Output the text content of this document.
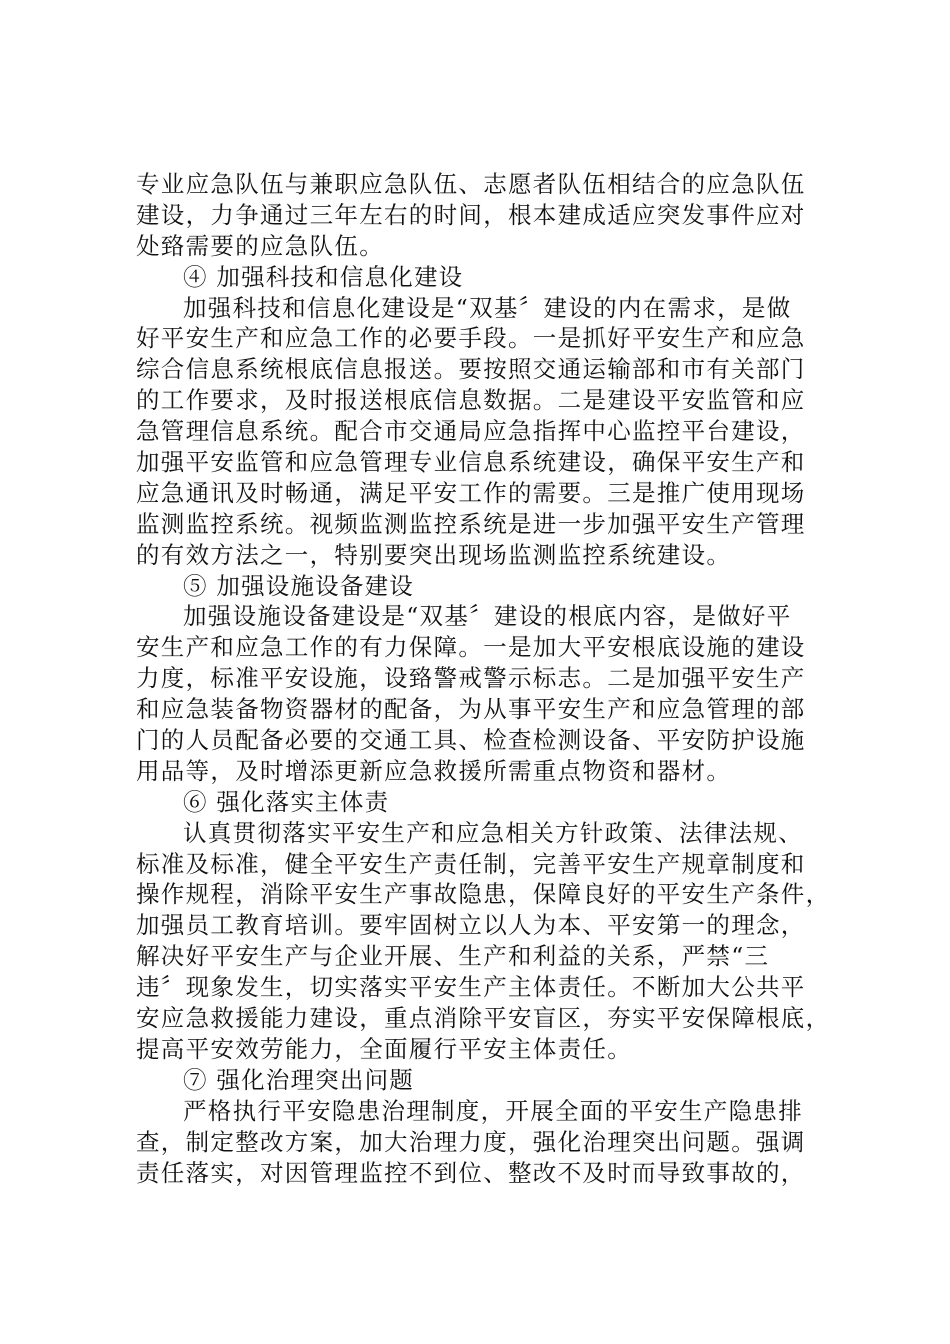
专业应急队伍与兼职应急队伍、志愿者队伍相结合的应急队伍
建设，力争通过三年左右的时间，根本建成适应突发事件应对
处臵需要的应急队伍。
④ 加强科技和信息化建设
加强科技和信息化建设是“双基〞建设的内在需求，是做
好平安生产和应急工作的必要手段。一是抓好平安生产和应急
综合信息系统根底信息报送。要按照交通运输部和市有关部门
的工作要求，及时报送根底信息数据。二是建设平安监管和应
急管理信息系统。配合市交通局应急指挥中心监控平台建设，
加强平安监管和应急管理专业信息系统建设，确保平安生产和
应急通讯及时畅通，满足平安工作的需要。三是推广使用现场
监测监控系统。视频监测监控系统是进一步加强平安生产管理
的有效方法之一，特别要突出现场监测监控系统建设。
⑤ 加强设施设备建设
加强设施设备建设是“双基〞建设的根底内容，是做好平
安生产和应急工作的有力保障。一是加大平安根底设施的建设
力度，标准平安设施，设臵警戒警示标志。二是加强平安生产
和应急装备物资器材的配备，为从事平安生产和应急管理的部
门的人员配备必要的交通工具、检查检测设备、平安防护设施
用品等，及时增添更新应急救援所需重点物资和器材。
⑥ 强化落实主体责
认真贯彻落实平安生产和应急相关方针政策、法律法规、
标准及标准，健全平安生产责任制，完善平安生产规章制度和
操作规程，消除平安生产事故隐患，保障良好的平安生产条件，
加强员工教育培训。要牢固树立以人为本、平安第一的理念，
解决好平安生产与企业开展、生产和利益的关系，严禁“三
违〞现象发生，切实落实平安生产主体责任。不断加大公共平
安应急救援能力建设，重点消除平安盲区，夯实平安保障根底，
提高平安效劳能力，全面履行平安主体责任。
⑦ 强化治理突出问题
严格执行平安隐患治理制度，开展全面的平安生产隐患排
查，制定整改方案，加大治理力度，强化治理突出问题。强调
责任落实，对因管理监控不到位、整改不及时而导致事故的，
